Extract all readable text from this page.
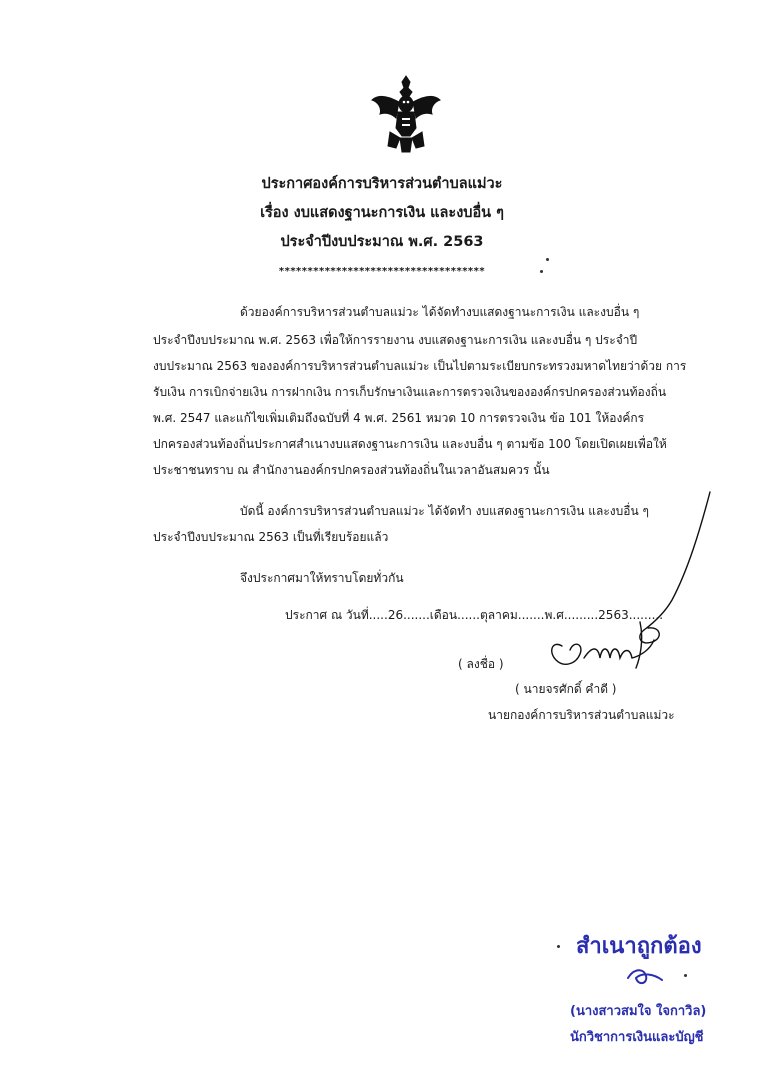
ประกาศองค์การบริหารส่วนตำบลแม่วะ
เรื่อง งบแสดงฐานะการเงิน และงบอื่น ๆ
ประจำปีงบประมาณ พ.ศ. 2563
************************************
ด้วยองค์การบริหารส่วนตำบลแม่วะ ได้จัดทำงบแสดงฐานะการเงิน และงบอื่น ๆ
ประจำปีงบประมาณ พ.ศ. 2563 เพื่อให้การรายงาน งบแสดงฐานะการเงิน และงบอื่น ๆ ประจำปี
งบประมาณ 2563 ขององค์การบริหารส่วนตำบลแม่วะ เป็นไปตามระเบียบกระทรวงมหาดไทยว่าด้วย การ
รับเงิน การเบิกจ่ายเงิน การฝากเงิน การเก็บรักษาเงินและการตรวจเงินขององค์กรปกครองส่วนท้องถิ่น
พ.ศ. 2547 และแก้ไขเพิ่มเติมถึงฉบับที่ 4 พ.ศ. 2561 หมวด 10 การตรวจเงิน ข้อ 101 ให้องค์กร
ปกครองส่วนท้องถิ่นประกาศสำเนางบแสดงฐานะการเงิน และงบอื่น ๆ ตามข้อ 100 โดยเปิดเผยเพื่อให้
ประชาชนทราบ ณ สำนักงานองค์กรปกครองส่วนท้องถิ่นในเวลาอันสมควร นั้น
บัดนี้ องค์การบริหารส่วนตำบลแม่วะ ได้จัดทำ งบแสดงฐานะการเงิน และงบอื่น ๆ
ประจำปีงบประมาณ 2563 เป็นที่เรียบร้อยแล้ว
จึงประกาศมาให้ทราบโดยทั่วกัน
ประกาศ ณ วันที่.....26.......เดือน......ตุลาคม.......พ.ศ.........2563.........
( ลงชื่อ )
( นายจรศักดิ์ คำดี )
นายกองค์การบริหารส่วนตำบลแม่วะ
สำเนาถูกต้อง
(นางสาวสมใจ ใจกาวิล)
นักวิชาการเงินและบัญชี
